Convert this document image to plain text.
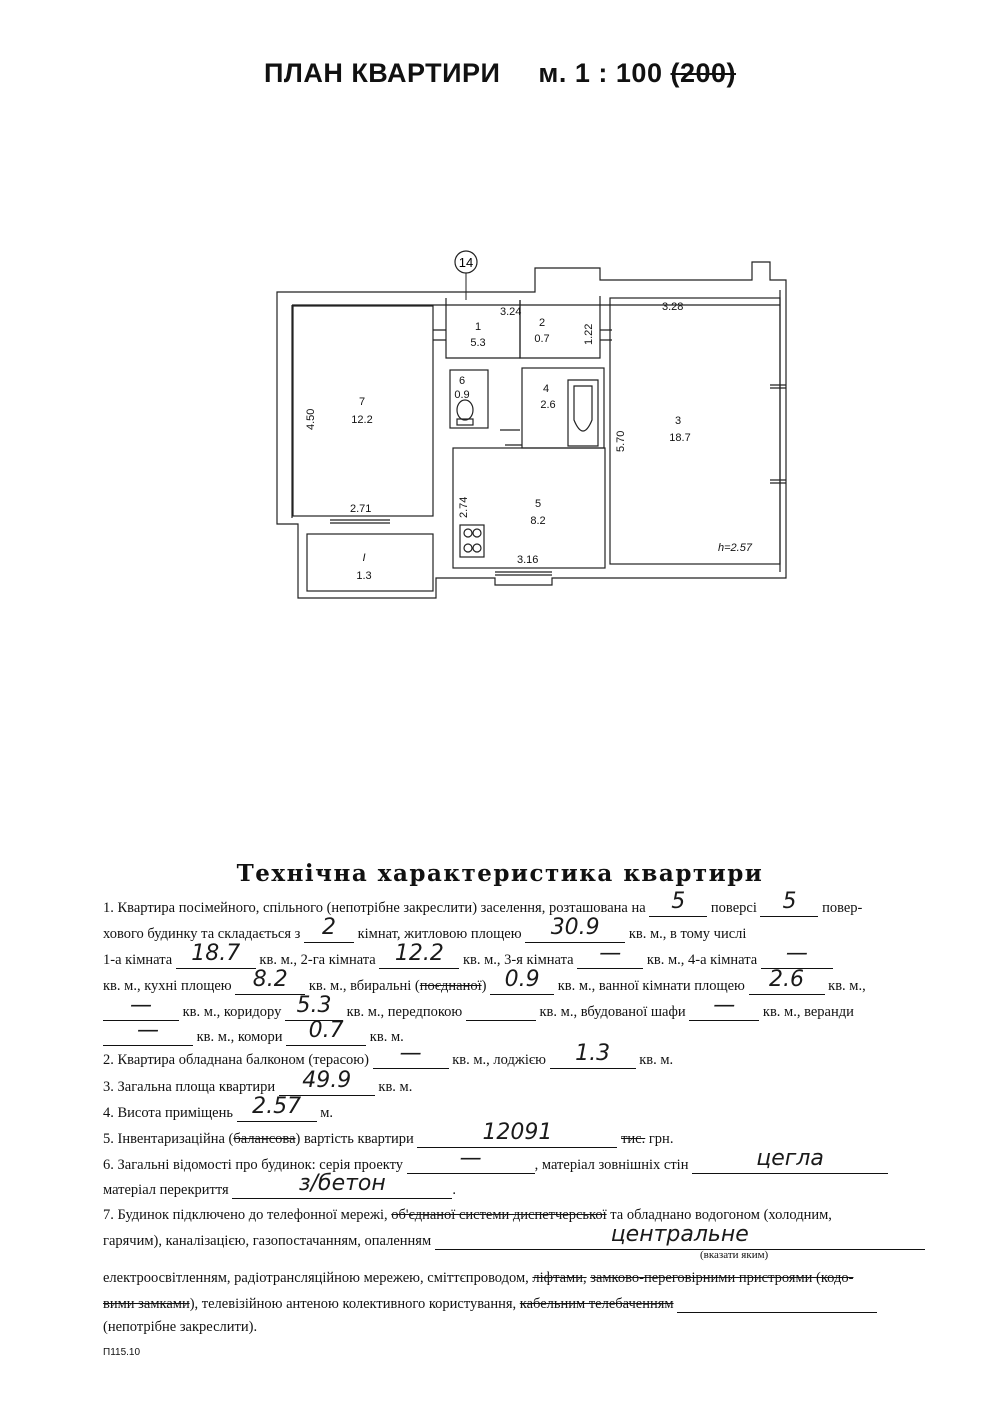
ПЛАН КВАРТИРИ м. 1 : 100 (200)
14
7
12.2
1
5.3
2
0.7
3
18.7
4
2.6
5
8.2
6
0.9
I
1.3
3.24	3.28
1.22
4.50
5.70
2.71	2.74
3.16
h=2.57
Технічна характеристика квартири
1. Квартира посімейного, спільного (непотрібне закреслити) заселення, розташована на 5 поверсі 5 повер-
хового будинку та складається з 2 кімнат, житловою площею 30.9 кв. м., в тому числі
1-а кімната 18.7 кв. м., 2-га кімната 12.2 кв. м., 3-я кімната — кв. м., 4-а кімната —
кв. м., кухні площею 8.2 кв. м., вбиральні (поєднаної) 0.9 кв. м., ванної кімнати площею 2.6 кв. м.,
— кв. м., коридору 5.3 кв. м., передпокою	кв. м., вбудованої шафи — кв. м., веранди
—	кв. м., комори 0.7 кв. м.
2. Квартира обладнана балконом (терасою) — кв. м., лоджією 1.3 кв. м.
3. Загальна площа квартири 49.9 кв. м.
4. Висота приміщень 2.57 м.
5. Інвентаризаційна (балансова) вартість квартири	12091	тис. грн.
6. Загальні відомості про будинок: серія проекту	—	, матеріал зовнішніх стін	цегла
матеріал перекриття	з/бетон	.
7. Будинок підключено до телефонної мережі, об'єднаної системи диспетчерської та обладнано водогоном (холодним,
гарячим), каналізацією, газопостачанням, опаленням	центральне
(вказати яким)
електроосвітленням, радіотрансляційною мережею, сміттєпроводом, ліфтами, замково-переговірними пристроями (кодо-
вими замками), телевізійною антеною колективного користування, кабельним телебаченням
(непотрібне закреслити).
П115.10
